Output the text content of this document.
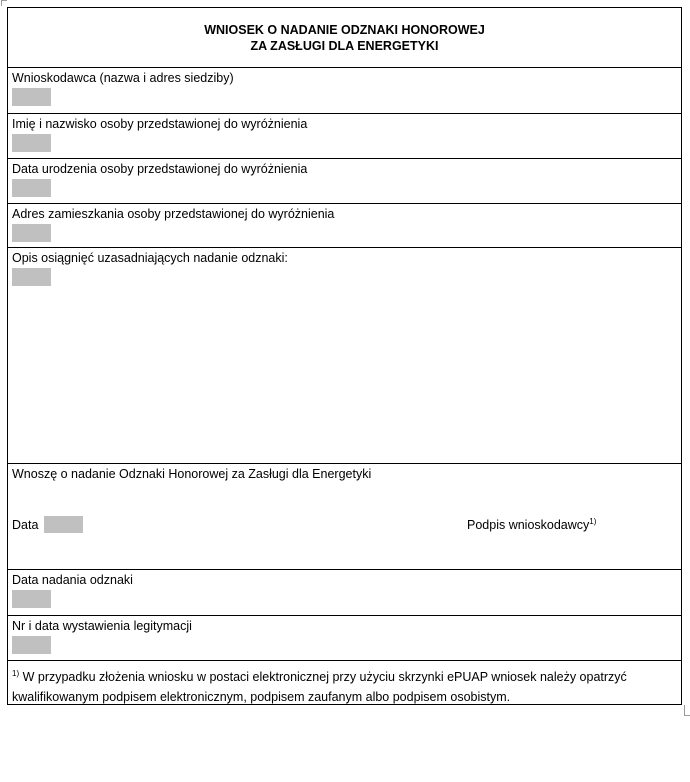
WNIOSEK O NADANIE ODZNAKI HONOROWEJ
ZA ZASŁUGI DLA ENERGETYKI
Wnioskodawca (nazwa i adres siedziby)
Imię i nazwisko osoby przedstawionej do wyróżnienia
Data urodzenia osoby przedstawionej do wyróżnienia
Adres zamieszkania osoby przedstawionej do wyróżnienia
Opis osiągnięć uzasadniających nadanie odznaki:
Wnoszę o nadanie Odznaki Honorowej za Zasługi dla Energetyki
Data	Podpis wnioskodawcy$^{1)}$
Data nadania odznaki
Nr i data wystawienia legitymacji
$^{1)}$ W przypadku złożenia wniosku w postaci elektronicznej przy użyciu skrzynki ePUAP wniosek należy opatrzyć kwalifikowanym podpisem elektronicznym, podpisem zaufanym albo podpisem osobistym.
